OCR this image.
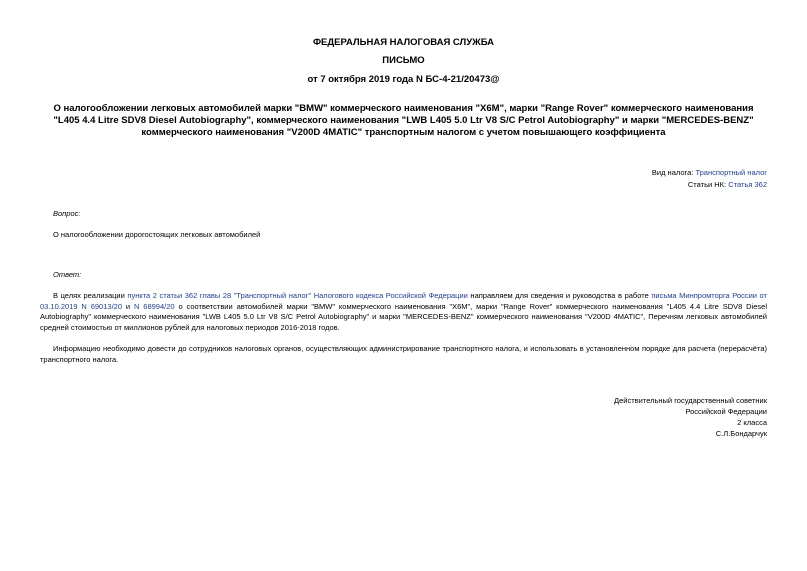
ФЕДЕРАЛЬНАЯ НАЛОГОВАЯ СЛУЖБА
ПИСЬМО
от 7 октября 2019 года N БС-4-21/20473@
О налогообложении легковых автомобилей марки "BMW" коммерческого наименования "X6M", марки "Range Rover" коммерческого наименования "L405 4.4 Litre SDV8 Diesel Autobiography", коммерческого наименования "LWB L405 5.0 Ltr V8 S/C Petrol Autobiography" и марки "MERCEDES-BENZ" коммерческого наименования "V200D 4MATIC" транспортным налогом с учетом повышающего коэффициента
Вид налога: Транспортный налог
Статьи НК: Статья 362
Вопрос:
О налогообложении дорогостоящих легковых автомобилей
Ответ:
В целях реализации пункта 2 статьи 362 главы 28 "Транспортный налог" Налогового кодекса Российской Федерации направляем для сведения и руководства в работе письма Минпромторга России от 03.10.2019 N 69013/20 и N 68994/20 о соответствии автомобилей марки "BMW" коммерческого наименования "X6M", марки "Range Rover" коммерческого наименования "L405 4.4 Litre SDV8 Diesel Autobiography" коммерческого наименования "LWB L405 5.0 Ltr V8 S/C Petrol Autobiography" и марки "MERCEDES-BENZ" коммерческого наименования "V200D 4MATIC", Перечням легковых автомобилей средней стоимостью от миллионов рублей для налоговых периодов 2016-2018 годов.
Информацию необходимо довести до сотрудников налоговых органов, осуществляющих администрирование транспортного налога, и использовать в установленном порядке для расчета (перерасчёта) транспортного налога.
Действительный государственный советник
Российской Федерации
2 класса
С.Л.Бондарчук
